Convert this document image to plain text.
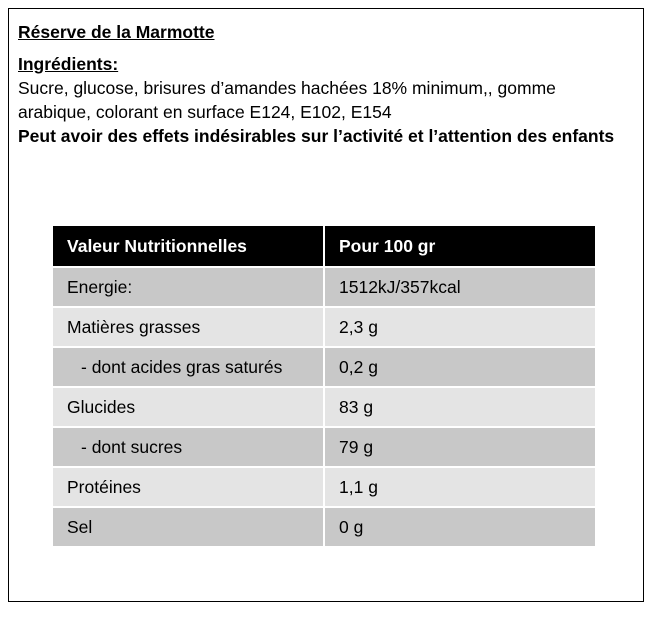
Réserve de la Marmotte

Ingrédients:

Sucre, glucose, brisures d’amandes hachées 18% minimum,, gomme arabique, colorant en surface E124, E102, E154

Peut avoir des effets indésirables sur l’activité et l’attention des enfants

Valeur Nutritionnelles	Pour 100 gr
Energie:	1512kJ/357kcal
Matières grasses	2,3 g
- dont acides gras saturés	0,2 g
Glucides	83 g
- dont sucres	79 g
Protéines	1,1 g
Sel	0 g
